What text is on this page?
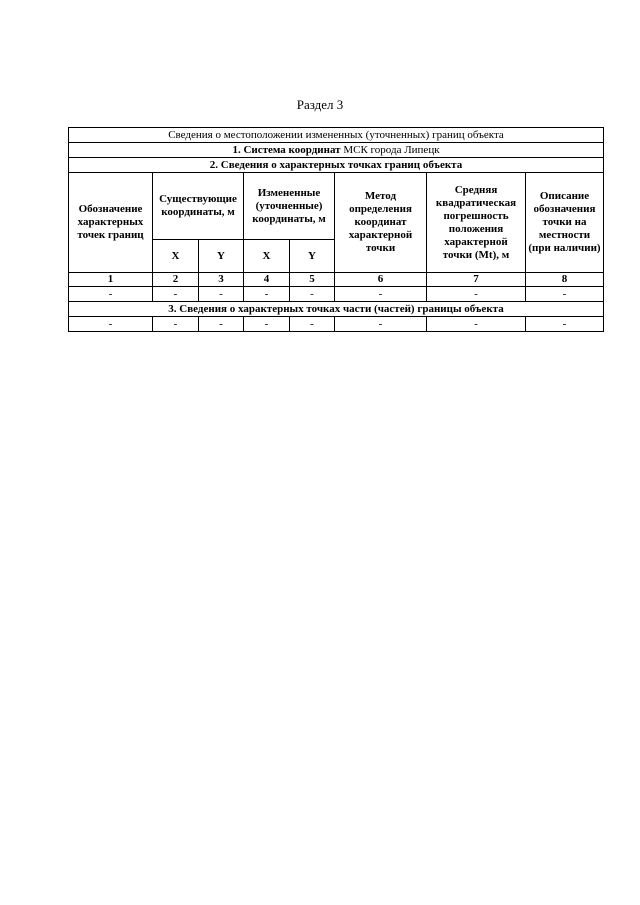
Раздел 3
Сведения о местоположении измененных (уточненных) границ объекта							
1. Система координат МСК города Липецк							
2. Сведения о характерных точках границ объекта							
Обозначение характерных точек границ	Существующие координаты, м		Измененные (уточненные) координаты, м		Метод определения координат характерной точки	Средняя квадратическая погрешность положения характерной точки (Mt), м	Описание обозначения точки на местности (при наличии)
	X	Y	X	Y			
1	2	3	4	5	6	7	8
-	-	-	-	-	-	-	-
3. Сведения о характерных точках части (частей) границы объекта							
-	-	-	-	-	-	-	-
